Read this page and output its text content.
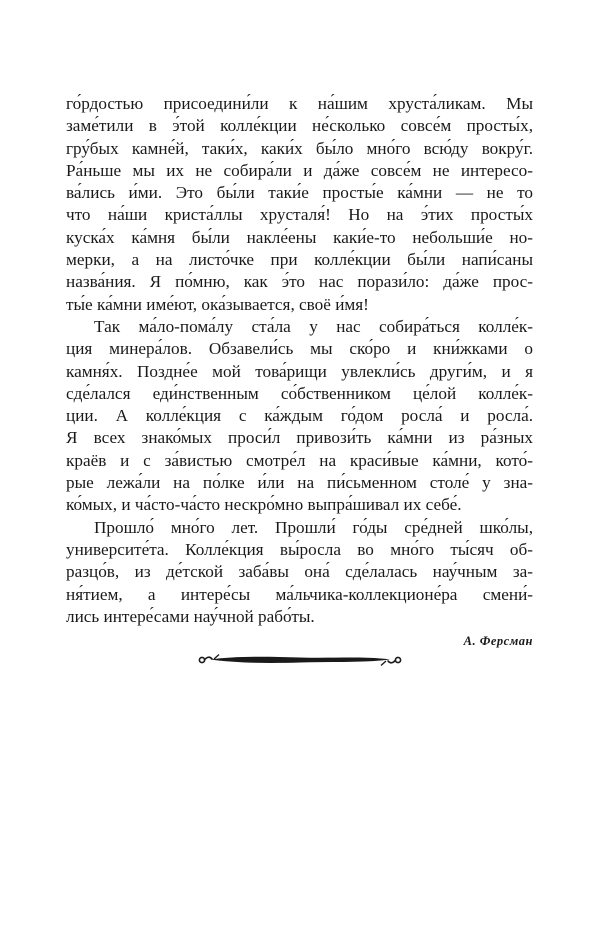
го́рдостью присоедини́ли к на́шим хруста́ликам. Мы
заме́тили в э́той колле́кции не́сколько совсе́м просты́х,
гру́бых камне́й, таки́х, каки́х бы́ло мно́го всю́ду вокру́г.
Ра́ньше мы их не собира́ли и да́же совсе́м не интересо-
ва́лись и́ми. Это бы́ли таки́е просты́е ка́мни — не то
что на́ши криста́ллы хрусталя́! Но на э́тих просты́х
куска́х ка́мня бы́ли накле́ены каки́е-то небольши́е но-
мерки, а на листо́чке при колле́кции бы́ли напи́саны
назва́ния. Я по́мню, как э́то нас порази́ло: да́же прос-
ты́е ка́мни име́ют, ока́зывается, своё и́мя!

Так ма́ло-пома́лу ста́ла у нас собира́ться колле́к-
ция минера́лов. Обзавели́сь мы ско́ро и кни́жками о
камня́х. Поздне́е мой това́рищи увлекли́сь други́м, и я
сде́лался еди́нственным со́бственником це́лой колле́к-
ции. А колле́кция с ка́ждым го́дом росла́ и росла́.
Я всех знако́мых проси́л привози́ть ка́мни из ра́зных
краёв и с за́вистью смотре́л на краси́вые ка́мни, кото́-
рые лежа́ли на по́лке и́ли на пи́сьменном столе́ у зна-
ко́мых, и ча́сто-ча́сто нескро́мно выпра́шивал их себе́.

Прошло́ мно́го лет. Прошли́ го́ды сре́дней шко́лы,
университе́та. Колле́кция вы́росла во мно́го ты́сяч об-
разцо́в, из де́тской заба́вы она́ сде́лалась нау́чным за-
ня́тием, а интере́сы ма́льчика-коллекционе́ра смени́-
лись интере́сами нау́чной рабо́ты.

А. Ферсман
